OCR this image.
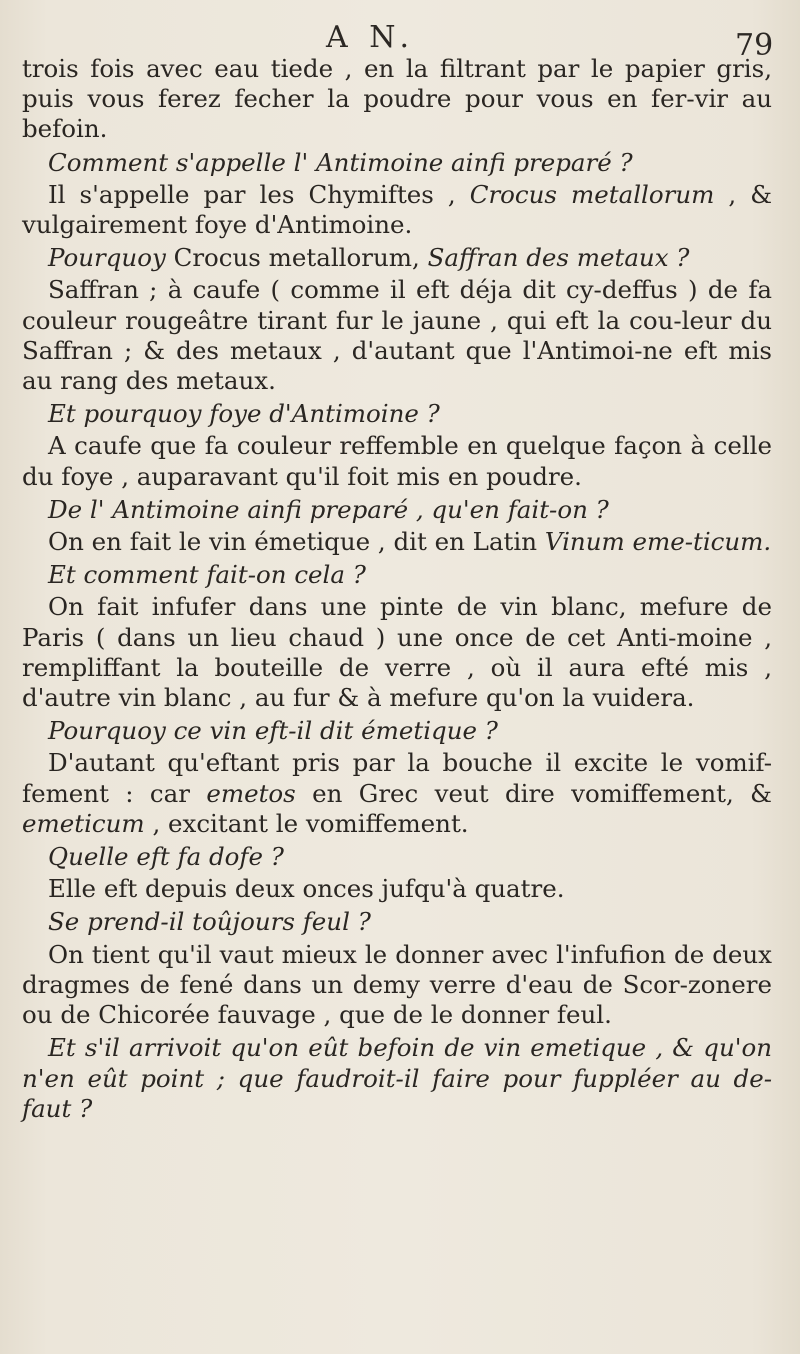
A N.	79

trois fois avec eau tiede , en la filtrant par le papier gris, puis vous ferez fecher la poudre pour vous en fer-vir au befoin.

Comment s'appelle l' Antimoine ainfi preparé ?

Il s'appelle par les Chymiftes , Crocus metallorum , & vulgairement foye d'Antimoine.

Pourquoy Crocus metallorum, Saffran des metaux ?

Saffran ; à caufe ( comme il eft déja dit cy-deffus ) de fa couleur rougeâtre tirant fur le jaune , qui eft la cou-leur du Saffran ; & des metaux , d'autant que l'Antimoi-ne eft mis au rang des metaux.

Et pourquoy foye d'Antimoine ?

A caufe que fa couleur reffemble en quelque façon à celle du foye , auparavant qu'il foit mis en poudre.

De l' Antimoine ainfi preparé , qu'en fait-on ?

On en fait le vin émetique , dit en Latin Vinum eme-ticum.

Et comment fait-on cela ?

On fait infufer dans une pinte de vin blanc, mefure de Paris ( dans un lieu chaud ) une once de cet Anti-moine , rempliffant la bouteille de verre , où il aura efté mis , d'autre vin blanc , au fur & à mefure qu'on la vuidera.

Pourquoy ce vin eft-il dit émetique ?

D'autant qu'eftant pris par la bouche il excite le vomif-fement : car emetos en Grec veut dire vomiffement, & emeticum , excitant le vomiffement.

Quelle eft fa dofe ?

Elle eft depuis deux onces jufqu'à quatre.

Se prend-il toûjours feul ?

On tient qu'il vaut mieux le donner avec l'infufion de deux dragmes de fené dans un demy verre d'eau de Scor-zonere ou de Chicorée fauvage , que de le donner feul.

Et s'il arrivoit qu'on eût befoin de vin emetique , & qu'on n'en eût point ; que faudroit-il faire pour fuppléer au de-faut ?
